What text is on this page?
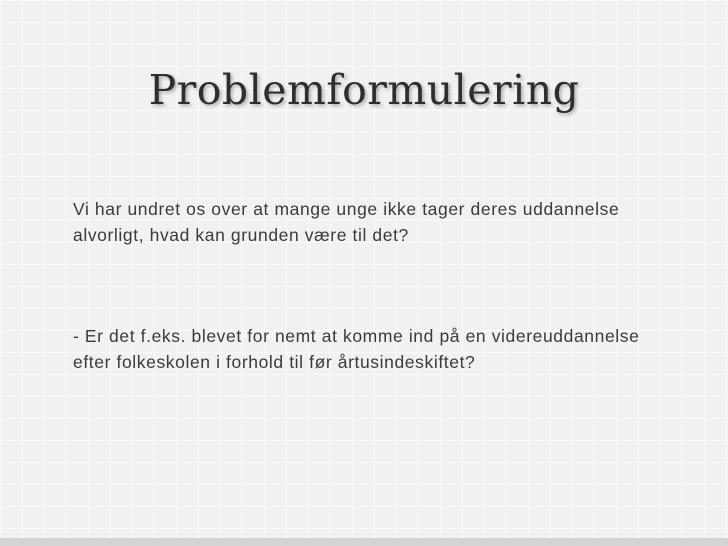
Problemformulering

Vi har undret os over at mange unge ikke tager deres uddannelse alvorligt, hvad kan grunden være til det?

- Er det f.eks. blevet for nemt at komme ind på en videreuddannelse efter folkeskolen i forhold til før årtusindeskiftet?
